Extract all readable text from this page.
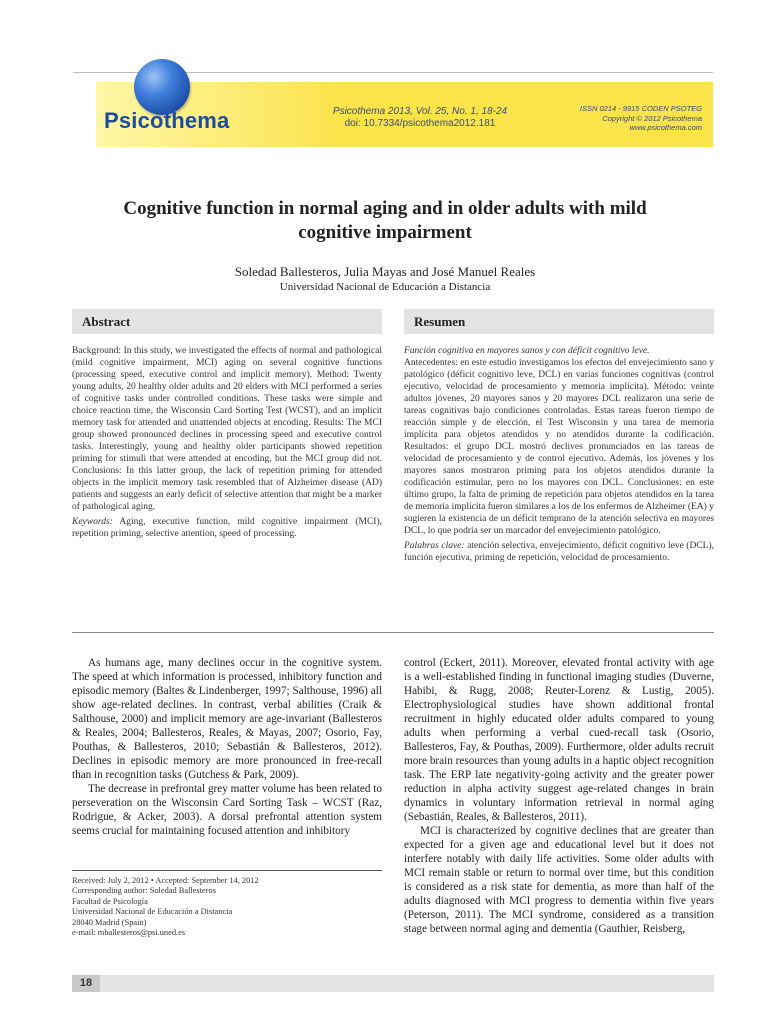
Psicothema	Psicothema 2013, Vol. 25, No. 1, 18-24
doi: 10.7334/psicothema2012.181
ISSN 0214 - 9915 CODEN PSOTEG
Copyright © 2012 Psicothema
www.psicothema.com
Cognitive function in normal aging and in older adults with mild cognitive impairment
Soledad Ballesteros, Julia Mayas and José Manuel Reales
Universidad Nacional de Educación a Distancia
Abstract

Background: In this study, we investigated the effects of normal and pathological (mild cognitive impairment, MCI) aging on several cognitive functions (processing speed, executive control and implicit memory). Method: Twenty young adults, 20 healthy older adults and 20 elders with MCI performed a series of cognitive tasks under controlled conditions. These tasks were simple and choice reaction time, the Wisconsin Card Sorting Test (WCST), and an implicit memory task for attended and unattended objects at encoding. Results: The MCI group showed pronounced declines in processing speed and executive control tasks. Interestingly, young and healthy older participants showed repetition priming for stimuli that were attended at encoding, but the MCI group did not. Conclusions: In this latter group, the lack of repetition priming for attended objects in the implicit memory task resembled that of Alzheimer disease (AD) patients and suggests an early deficit of selective attention that might be a marker of pathological aging.

Keywords: Aging, executive function, mild cognitive impairment (MCI), repetition priming, selective attention, speed of processing.

Resumen

Función cognitiva en mayores sanos y con déficit cognitivo leve.

Antecedentes: en este estudio investigamos los efectos del envejecimiento sano y patológico (déficit cognitivo leve, DCL) en varias funciones cognitivas (control ejecutivo, velocidad de procesamiento y memoria implícita). Método: veinte adultos jóvenes, 20 mayores sanos y 20 mayores DCL realizaron una serie de tareas cognitivas bajo condiciones controladas. Estas tareas fueron tiempo de reacción simple y de elección, el Test Wisconsin y una tarea de memoria implícita para objetos atendidos y no atendidos durante la codificación. Resultados: el grupo DCL mostró declives pronunciados en las tareas de velocidad de procesamiento y de control ejecutivo. Además, los jóvenes y los mayores sanos mostraron priming para los objetos atendidos durante la codificación estimular, pero no los mayores con DCL. Conclusiones: en este último grupo, la falta de priming de repetición para objetos atendidos en la tarea de memoria implícita fueron similares a los de los enfermos de Alzheimer (EA) y sugieren la existencia de un déficit temprano de la atención selectiva en mayores DCL, lo que podría ser un marcador del envejecimiento patológico.

Palabras clave: atención selectiva, envejecimiento, déficit cognitivo leve (DCL), función ejecutiva, priming de repetición, velocidad de procesamiento.

As humans age, many declines occur in the cognitive system. The speed at which information is processed, inhibitory function and episodic memory (Baltes & Lindenberger, 1997; Salthouse, 1996) all show age-related declines. In contrast, verbal abilities (Craik & Salthouse, 2000) and implicit memory are age-invariant (Ballesteros & Reales, 2004; Ballesteros, Reales, & Mayas, 2007; Osorio, Fay, Pouthas, & Ballesteros, 2010; Sebastián & Ballesteros, 2012). Declines in episodic memory are more pronounced in free-recall than in recognition tasks (Gutchess & Park, 2009).

The decrease in prefrontal grey matter volume has been related to perseveration on the Wisconsin Card Sorting Task – WCST (Raz, Rodrigue, & Acker, 2003). A dorsal prefrontal attention system seems crucial for maintaining focused attention and inhibitory

control (Eckert, 2011). Moreover, elevated frontal activity with age is a well-established finding in functional imaging studies (Duverne, Habibi, & Rugg, 2008; Reuter-Lorenz & Lustig, 2005). Electrophysiological studies have shown additional frontal recruitment in highly educated older adults compared to young adults when performing a verbal cued-recall task (Osorio, Ballesteros, Fay, & Pouthas, 2009). Furthermore, older adults recruit more brain resources than young adults in a haptic object recognition task. The ERP late negativity-going activity and the greater power reduction in alpha activity suggest age-related changes in brain dynamics in voluntary information retrieval in normal aging (Sebastián, Reales, & Ballesteros, 2011).

MCI is characterized by cognitive declines that are greater than expected for a given age and educational level but it does not interfere notably with daily life activities. Some older adults with MCI remain stable or return to normal over time, but this condition is considered as a risk state for dementia, as more than half of the adults diagnosed with MCI progress to dementia within five years (Peterson, 2011). The MCI syndrome, considered as a transition stage between normal aging and dementia (Gauthier, Reisberg,

Received: July 2, 2012 • Accepted: September 14, 2012
Corresponding author: Soledad Ballesteros
Facultad de Psicología
Universidad Nacional de Educación a Distancia
28040 Madrid (Spain)
e-mail: mballesteros@psi.uned.es
18
